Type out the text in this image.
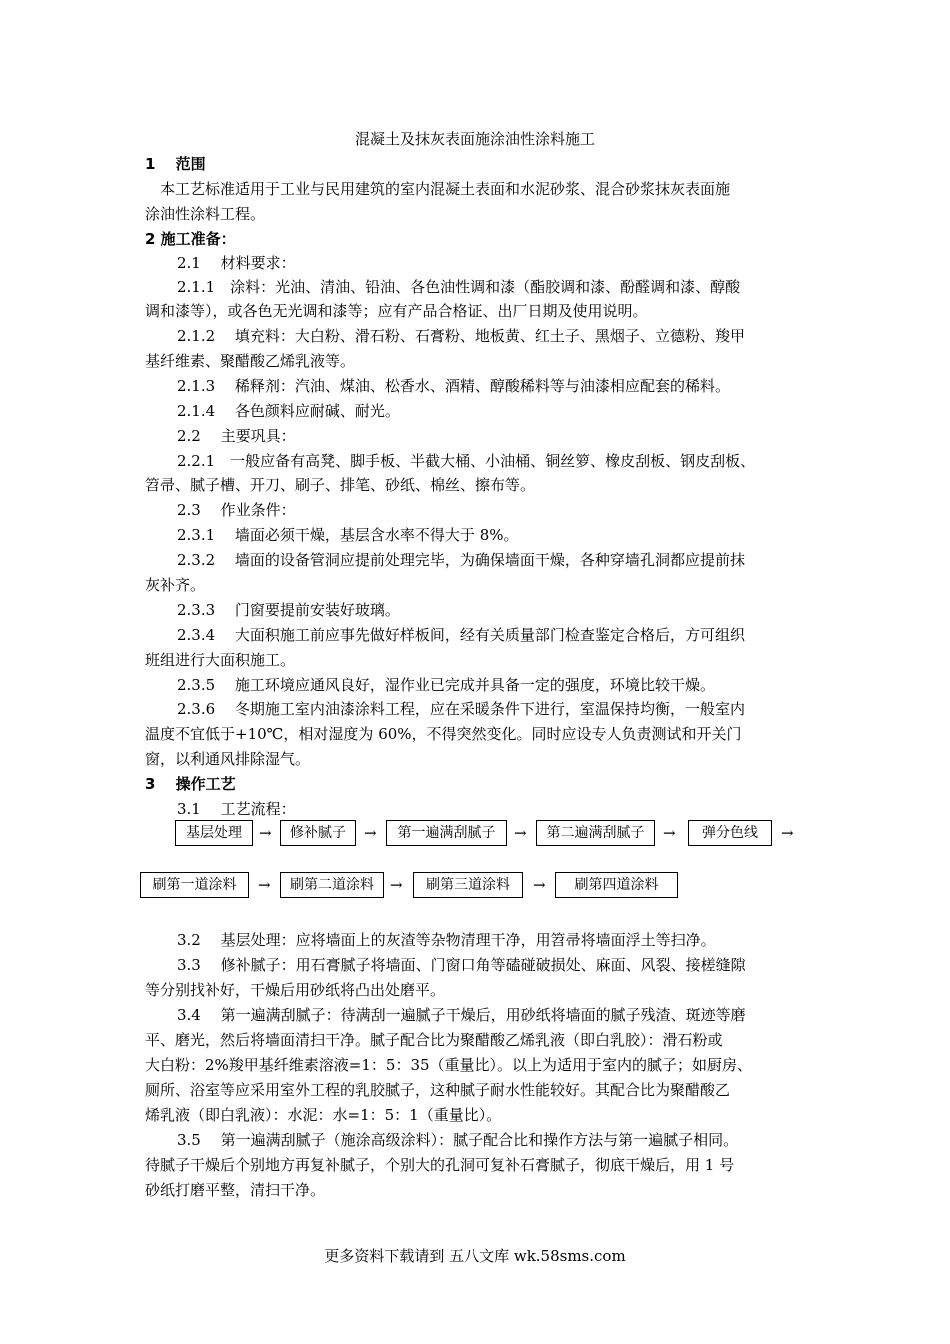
混凝土及抹灰表面施涂油性涂料施工
1　 范围
　本工艺标准适用于工业与民用建筑的室内混凝土表面和水泥砂浆、混合砂浆抹灰表面施
涂油性涂料工程。
2 施工准备：
2.1　 材料要求：
2.1.1　涂料：光油、清油、铅油、各色油性调和漆（酯胶调和漆、酚醛调和漆、醇酸
调和漆等），或各色无光调和漆等；应有产品合格证、出厂日期及使用说明。
2.1.2　 填充料：大白粉、滑石粉、石膏粉、地板黄、红土子、黑烟子、立德粉、羧甲
基纤维素、聚醋酸乙烯乳液等。
2.1.3　 稀释剂：汽油、煤油、松香水、酒精、醇酸稀料等与油漆相应配套的稀料。
2.1.4　 各色颜料应耐碱、耐光。
2.2　 主要巩具：
2.2.1　一般应备有高凳、脚手板、半截大桶、小油桶、铜丝箩、橡皮刮板、钢皮刮板、
笤帚、腻子槽、开刀、刷子、排笔、砂纸、棉丝、擦布等。
2.3　 作业条件：
2.3.1　 墙面必须干燥，基层含水率不得大于 8%。
2.3.2　 墙面的设备管洞应提前处理完毕，为确保墙面干燥，各种穿墙孔洞都应提前抹
灰补齐。
2.3.3　 门窗要提前安装好玻璃。
2.3.4　 大面积施工前应事先做好样板间，经有关质量部门检查鉴定合格后，方可组织
班组进行大面积施工。
2.3.5　 施工环境应通风良好，湿作业已完成并具备一定的强度，环境比较干燥。
2.3.6　 冬期施工室内油漆涂料工程，应在采暖条件下进行，室温保持均衡，一般室内
温度不宜低于+10℃，相对湿度为 60%，不得突然变化。同时应设专人负责测试和开关门
窗，以利通风排除湿气。
3　 操作工艺
3.1　 工艺流程：
基层处理	→	修补腻子	→	第一遍满刮腻子	→	第二遍满刮腻子	→	弹分色线	→
刷第一道涂料	→	刷第二道涂料	→	刷第三道涂料	→	刷第四道涂料
3.2　 基层处理：应将墙面上的灰渣等杂物清理干净，用笤帚将墙面浮土等扫净。
3.3　 修补腻子：用石膏腻子将墙面、门窗口角等磕碰破损处、麻面、风裂、接槎缝隙
等分别找补好，干燥后用砂纸将凸出处磨平。
3.4　 第一遍满刮腻子：待满刮一遍腻子干燥后，用砂纸将墙面的腻子残渣、斑迹等磨
平、磨光，然后将墙面清扫干净。腻子配合比为聚醋酸乙烯乳液（即白乳胶）：滑石粉或
大白粉：2%羧甲基纤维素溶液=1：5：35（重量比）。以上为适用于室内的腻子；如厨房、
厕所、浴室等应采用室外工程的乳胶腻子，这种腻子耐水性能较好。其配合比为聚醋酸乙
烯乳液（即白乳液）：水泥：水=1：5：1（重量比）。
3.5　 第一遍满刮腻子（施涂高级涂料）：腻子配合比和操作方法与第一遍腻子相同。
待腻子干燥后个别地方再复补腻子，个别大的孔洞可复补石膏腻子，彻底干燥后，用 1 号
砂纸打磨平整，清扫干净。
更多资料下载请到 五八文库 wk.58sms.com
